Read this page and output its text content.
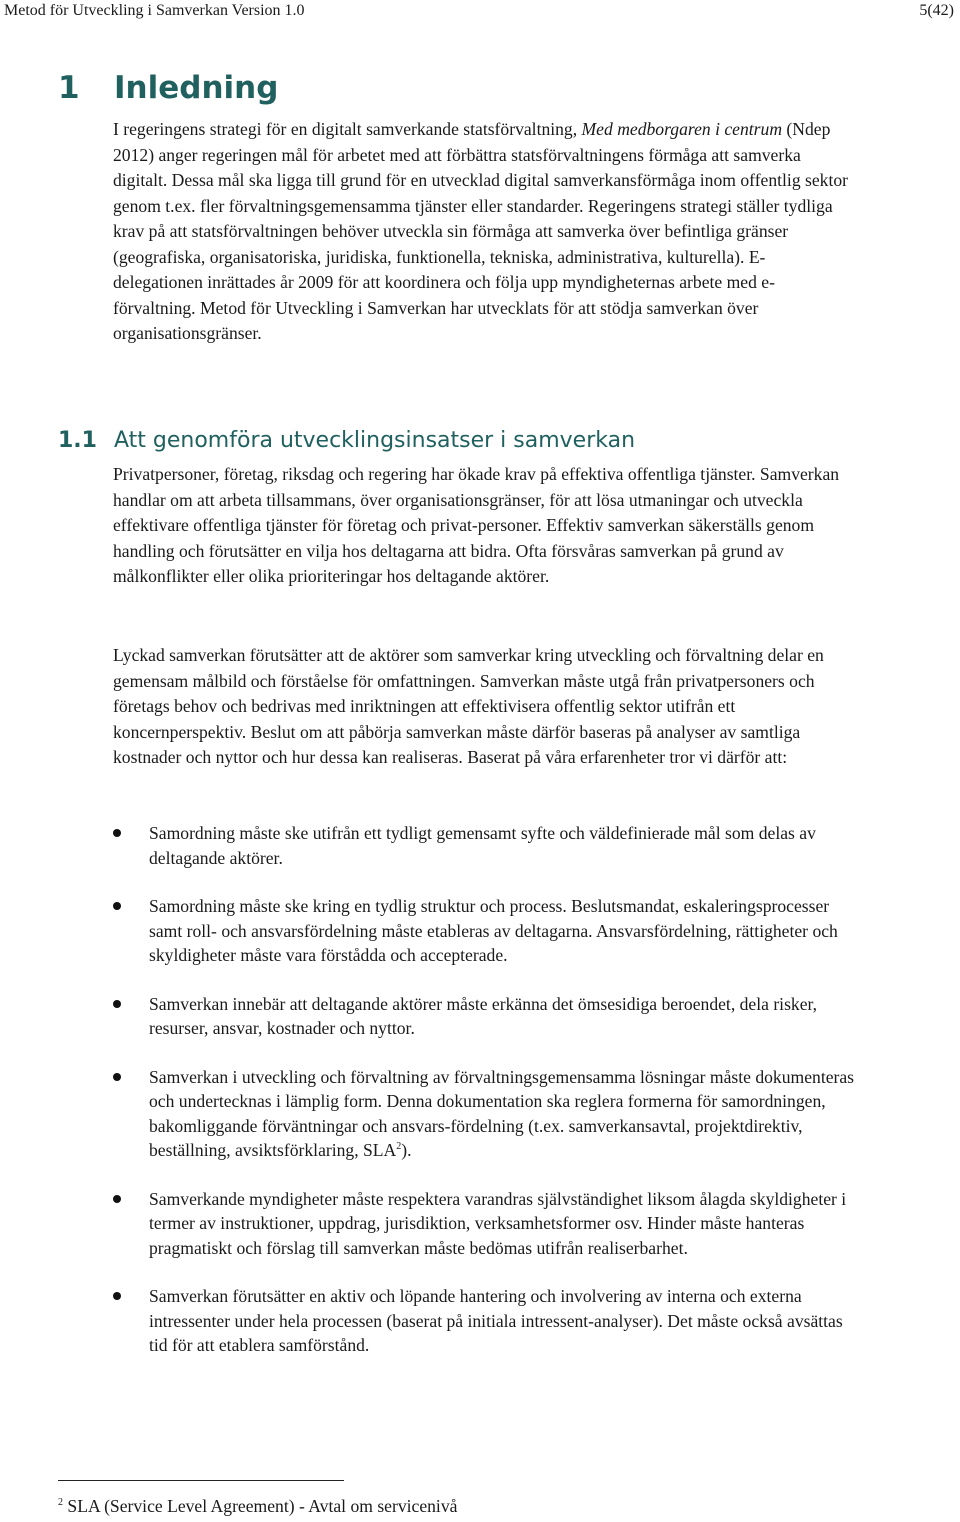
Metod för Utveckling i Samverkan Version 1.0	5(42)
1 Inledning

I regeringens strategi för en digitalt samverkande statsförvaltning, Med medborgaren i centrum (Ndep 2012) anger regeringen mål för arbetet med att förbättra statsförvaltningens förmåga att samverka digitalt. Dessa mål ska ligga till grund för en utvecklad digital samverkansförmåga inom offentlig sektor genom t.ex. fler förvaltningsgemensamma tjänster eller standarder. Regeringens strategi ställer tydliga krav på att statsförvaltningen behöver utveckla sin förmåga att samverka över befintliga gränser (geografiska, organisatoriska, juridiska, funktionella, tekniska, administrativa, kulturella). E-delegationen inrättades år 2009 för att koordinera och följa upp myndigheternas arbete med e-förvaltning. Metod för Utveckling i Samverkan har utvecklats för att stödja samverkan över organisationsgränser.

1.1 Att genomföra utvecklingsinsatser i samverkan

Privatpersoner, företag, riksdag och regering har ökade krav på effektiva offentliga tjänster. Samverkan handlar om att arbeta tillsammans, över organisationsgränser, för att lösa utmaningar och utveckla effektivare offentliga tjänster för företag och privat-personer. Effektiv samverkan säkerställs genom handling och förutsätter en vilja hos deltagarna att bidra. Ofta försvåras samverkan på grund av målkonflikter eller olika prioriteringar hos deltagande aktörer.

Lyckad samverkan förutsätter att de aktörer som samverkar kring utveckling och förvaltning delar en gemensam målbild och förståelse för omfattningen. Samverkan måste utgå från privatpersoners och företags behov och bedrivas med inriktningen att effektivisera offentlig sektor utifrån ett koncernperspektiv. Beslut om att påbörja samverkan måste därför baseras på analyser av samtliga kostnader och nyttor och hur dessa kan realiseras. Baserat på våra erfarenheter tror vi därför att:

Samordning måste ske utifrån ett tydligt gemensamt syfte och väldefinierade mål som delas av deltagande aktörer.
Samordning måste ske kring en tydlig struktur och process. Beslutsmandat, eskaleringsprocesser samt roll- och ansvarsfördelning måste etableras av deltagarna. Ansvarsfördelning, rättigheter och skyldigheter måste vara förstådda och accepterade.
Samverkan innebär att deltagande aktörer måste erkänna det ömsesidiga beroendet, dela risker, resurser, ansvar, kostnader och nyttor.
Samverkan i utveckling och förvaltning av förvaltningsgemensamma lösningar måste dokumenteras och undertecknas i lämplig form. Denna dokumentation ska reglera formerna för samordningen, bakomliggande förväntningar och ansvars-fördelning (t.ex. samverkansavtal, projektdirektiv, beställning, avsiktsförklaring, SLA$^2$).
Samverkande myndigheter måste respektera varandras självständighet liksom ålagda skyldigheter i termer av instruktioner, uppdrag, jurisdiktion, verksamhetsformer osv. Hinder måste hanteras pragmatiskt och förslag till samverkan måste bedömas utifrån realiserbarhet.
Samverkan förutsätter en aktiv och löpande hantering och involvering av interna och externa intressenter under hela processen (baserat på initiala intressent-analyser). Det måste också avsättas tid för att etablera samförstånd.
$^2$ SLA (Service Level Agreement) - Avtal om servicenivå
